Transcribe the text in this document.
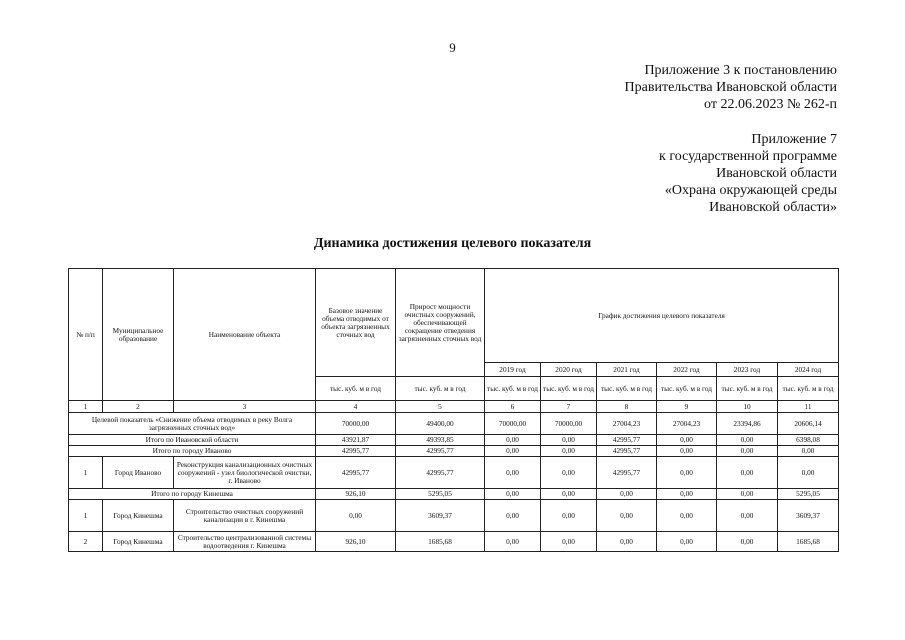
9
Приложение 3 к постановлению
Правительства Ивановской области
от 22.06.2023 № 262-п
Приложение 7
к государственной программе
Ивановской области
«Охрана окружающей среды
Ивановской области»
Динамика достижения целевого показателя
№ п/п	Муниципальное образование	Наименование объекта	Базовое значение объема отводимых от объекта загрязненных сточных вод	Прирост мощности очистных сооружений, обеспечивающей сокращение отведения загрязненных сточных вод	График достижения целевого показателя					
					2019 год	2020 год	2021 год	2022 год	2023 год	2024 год
			тыс. куб. м в год	тыс. куб. м в год	тыс. куб. м в год	тыс. куб. м в год	тыс. куб. м в год	тыс. куб. м в год	тыс. куб. м в год	тыс. куб. м в год
1	2	3	4	5	6	7	8	9	10	11
Целевой показатель «Снижение объема отводимых в реку Волга загрязненных сточных вод»			70000,00	49400,00	70000,00	70000,00	27004,23	27004,23	23394,86	20606,14
Итого по Ивановской области			43921,87	49393,85	0,00	0,00	42995,77	0,00	0,00	6398,08
Итого по городу Иваново			42995,77	42995,77	0,00	0,00	42995,77	0,00	0,00	0,00
1	Город Иваново	Реконструкция канализационных очистных сооружений - узел биологической очистки, г. Иваново	42995,77	42995,77	0,00	0,00	42995,77	0,00	0,00	0,00
Итого по городу Кинешма			926,10	5295,05	0,00	0,00	0,00	0,00	0,00	5295,05
1	Город Кинешма	Строительство очистных сооружений канализации в г. Кинешма	0,00	3609,37	0,00	0,00	0,00	0,00	0,00	3609,37
2	Город Кинешма	Строительство централизованной системы водоотведения г. Кинешма	926,10	1685,68	0,00	0,00	0,00	0,00	0,00	1685,68
